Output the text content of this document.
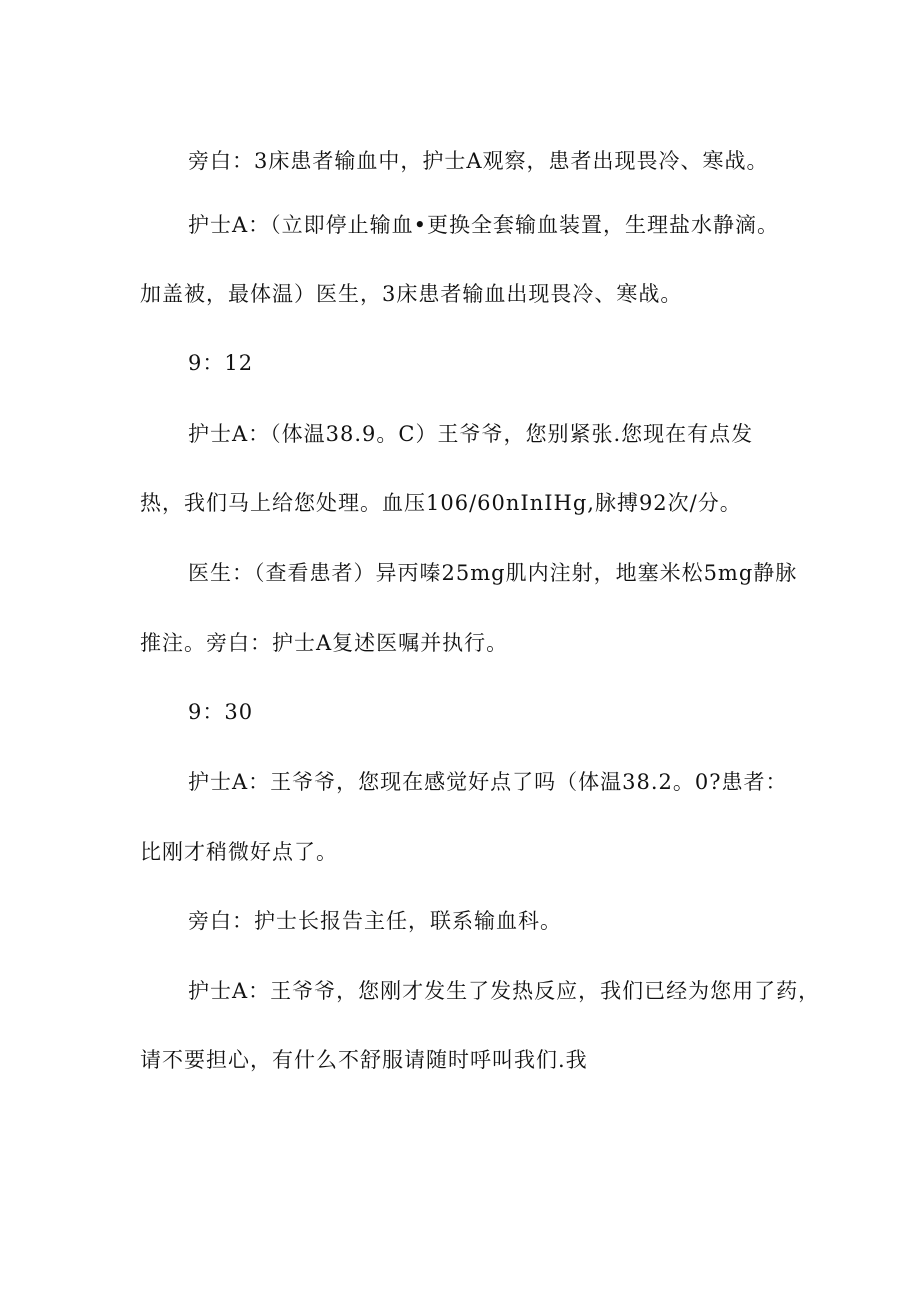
旁白：3床患者输血中，护士A观察，患者出现畏冷、寒战。
护士A：（立即停止输血•更换全套输血装置，生理盐水静滴。
加盖被，最体温）医生，3床患者输血出现畏冷、寒战。
9：12
护士A：（体温38.9。C）王爷爷，您别紧张.您现在有点发
热，我们马上给您处理。血压106/60nInIHg,脉搏92次/分。
医生：（查看患者）异丙嗪25mg肌内注射，地塞米松5mg静脉
推注。旁白：护士A复述医嘱并执行。
9：30
护士A：王爷爷，您现在感觉好点了吗（体温38.2。0?患者：
比刚才稍微好点了。
旁白：护士长报告主任，联系输血科。
护士A：王爷爷，您刚才发生了发热反应，我们已经为您用了药，
请不要担心，有什么不舒服请随时呼叫我们.我
